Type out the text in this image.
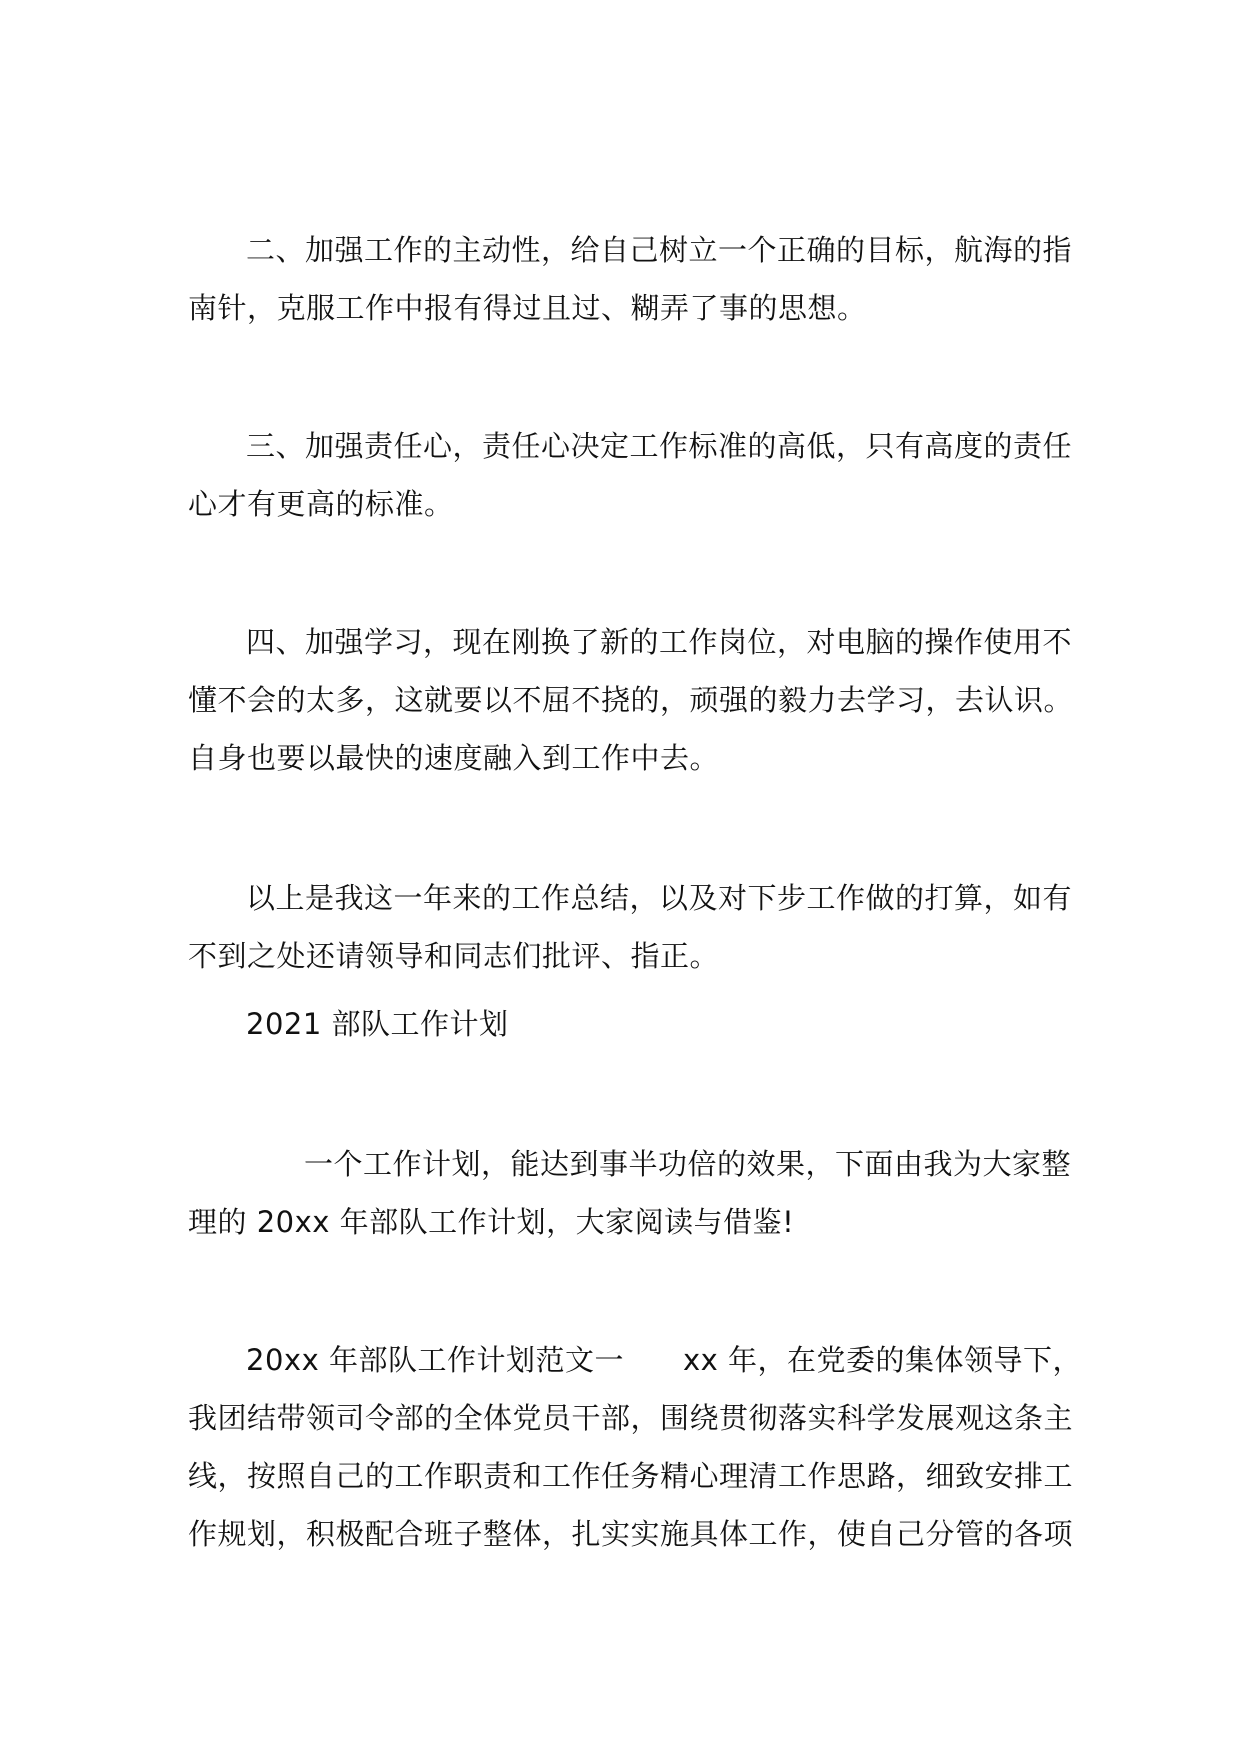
二、加强工作的主动性，给自己树立一个正确的目标，航海的指
南针，克服工作中报有得过且过、糊弄了事的思想。
三、加强责任心，责任心决定工作标准的高低，只有高度的责任
心才有更高的标准。
四、加强学习，现在刚换了新的工作岗位，对电脑的操作使用不
懂不会的太多，这就要以不屈不挠的，顽强的毅力去学习，去认识。
自身也要以最快的速度融入到工作中去。
以上是我这一年来的工作总结，以及对下步工作做的打算，如有
不到之处还请领导和同志们批评、指正。
2021 部队工作计划
一个工作计划，能达到事半功倍的效果，下面由我为大家整
理的 20xx 年部队工作计划，大家阅读与借鉴!
20xx 年部队工作计划范文一　　xx 年，在党委的集体领导下，
我团结带领司令部的全体党员干部，围绕贯彻落实科学发展观这条主
线，按照自己的工作职责和工作任务精心理清工作思路，细致安排工
作规划，积极配合班子整体，扎实实施具体工作，使自己分管的各项
